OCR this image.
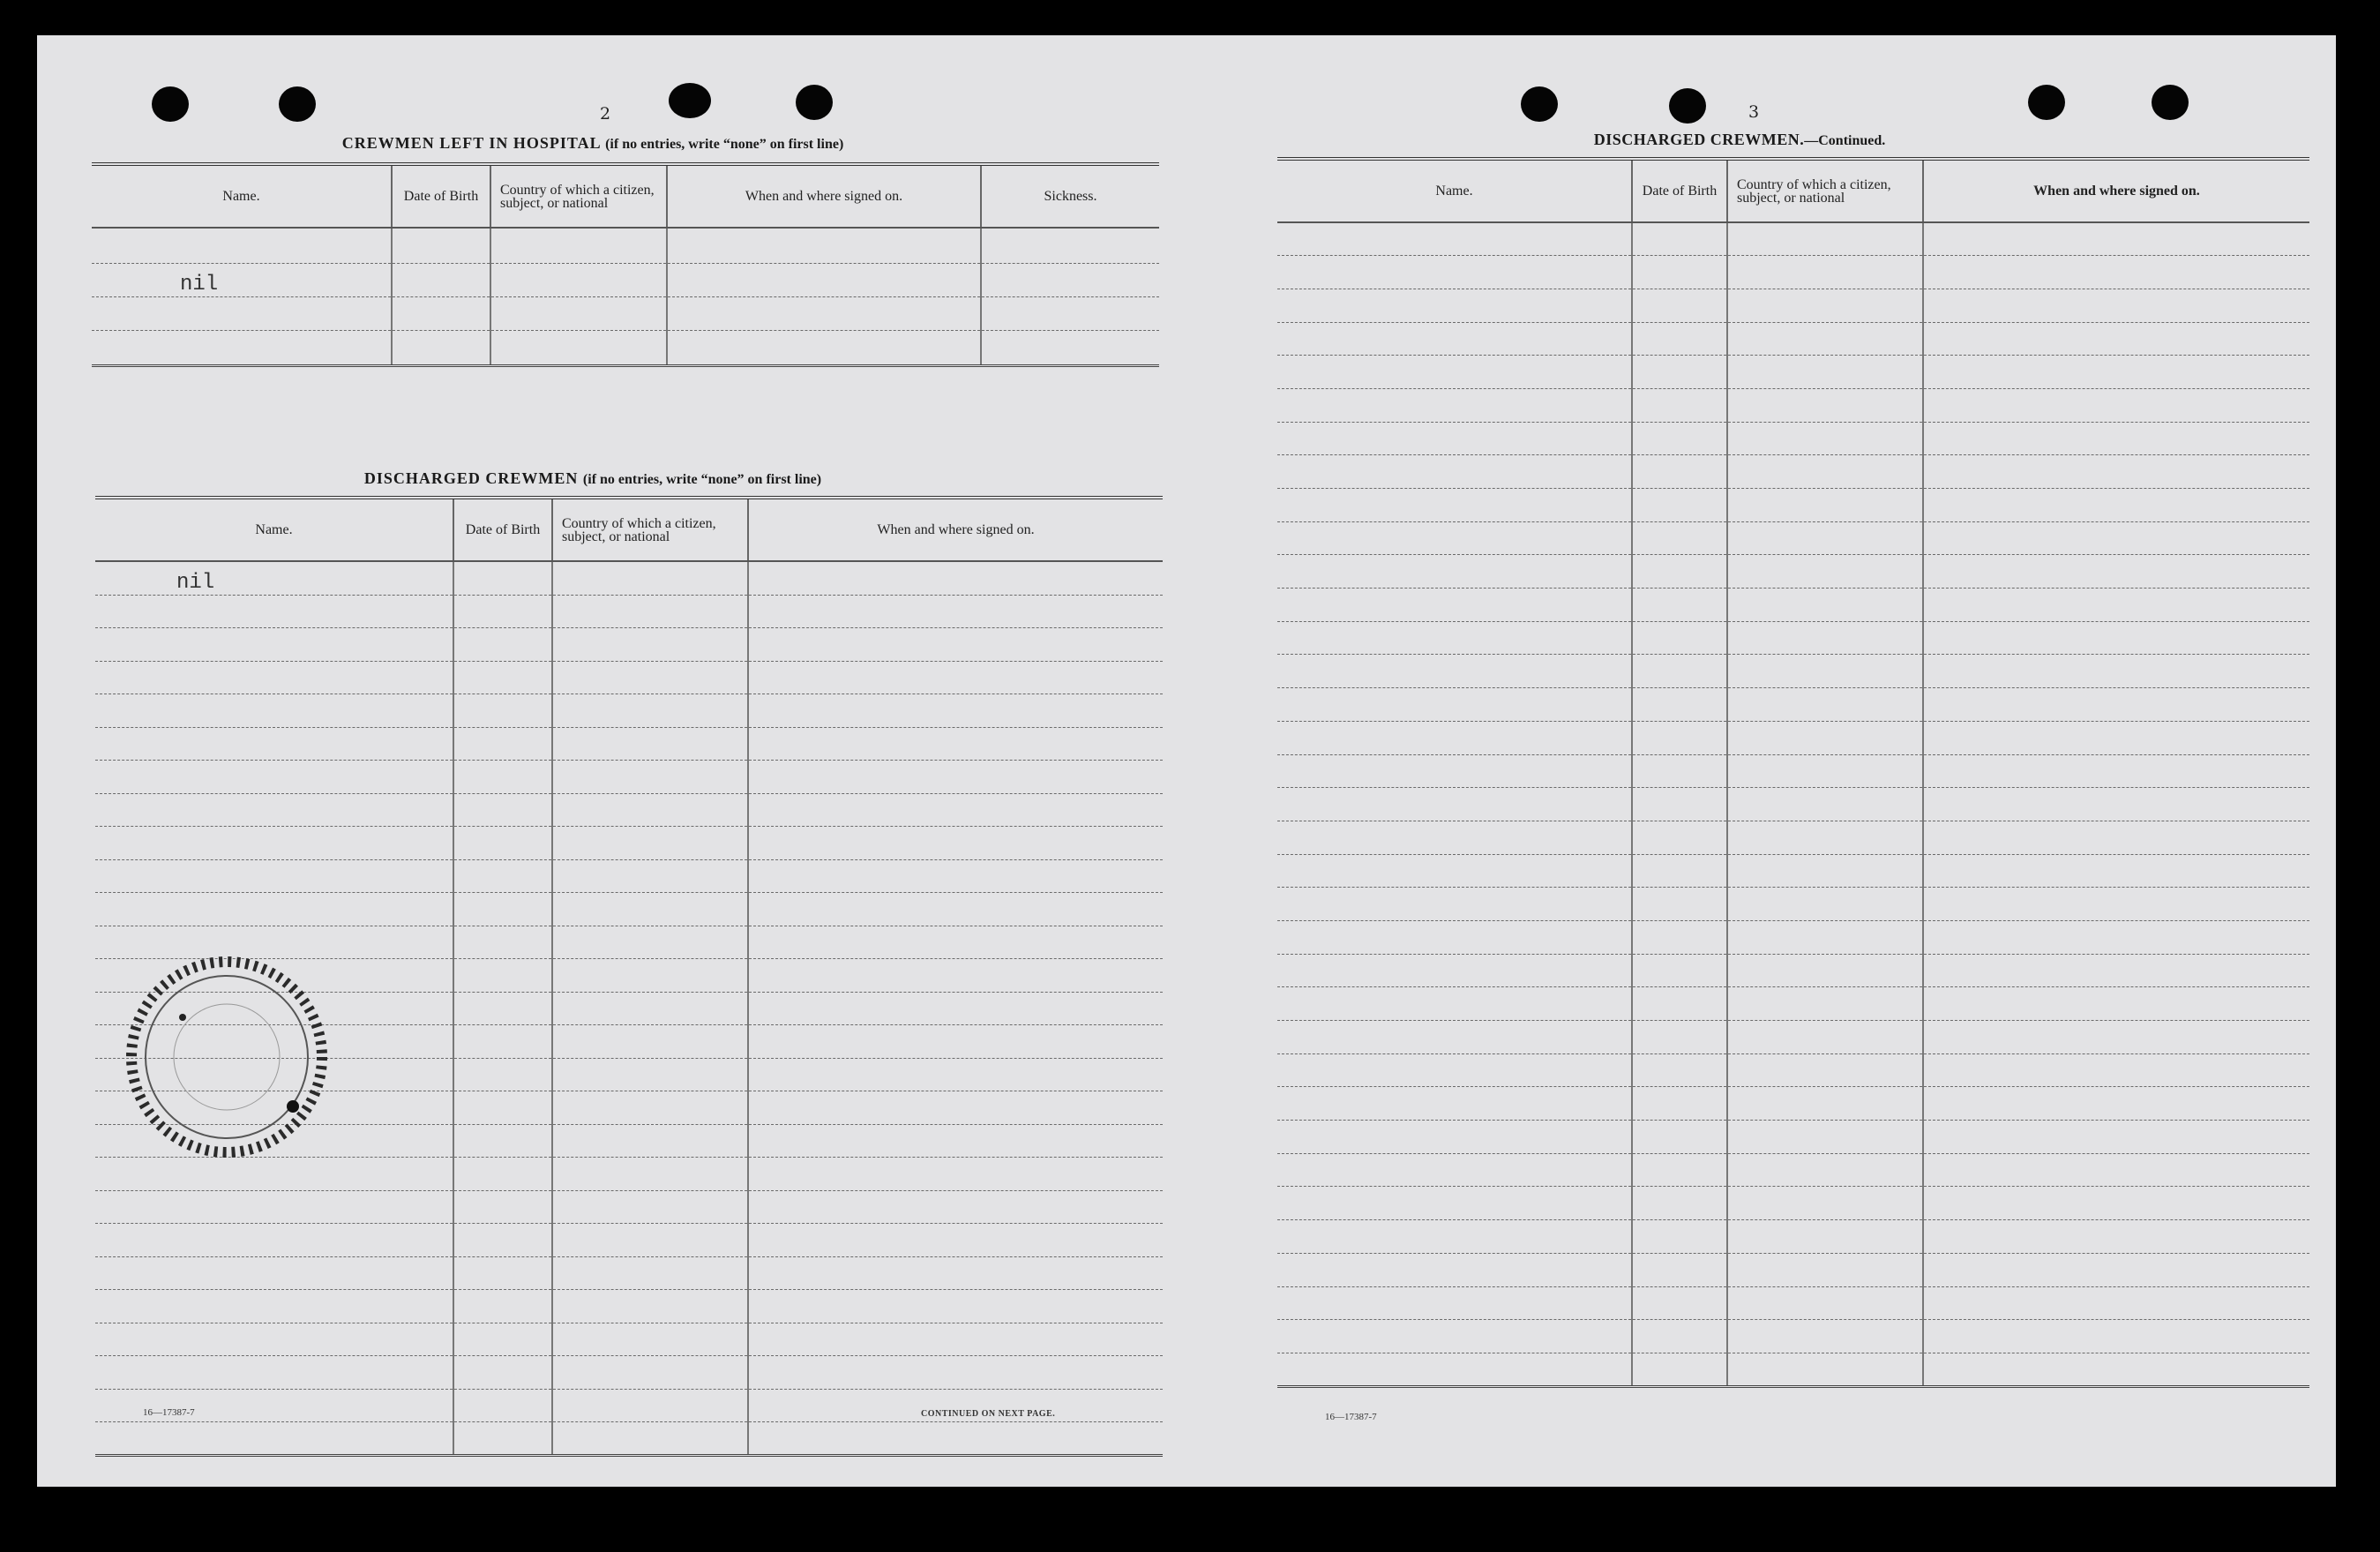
2
CREWMEN LEFT IN HOSPITAL (if no entries, write “none” on first line)
Name.	Date of Birth	Country of which a citizen, subject, or national	When and where signed on.	Sickness.

nil				

DISCHARGED CREWMEN (if no entries, write “none” on first line)
Name.	Date of Birth	Country of which a citizen, subject, or national	When and where signed on.
nil			

16—17387-7	CONTINUED ON NEXT PAGE.
3
DISCHARGED CREWMEN.—Continued.
Name.	Date of Birth	Country of which a citizen, subject, or national	When and where signed on.

16—17387-7
